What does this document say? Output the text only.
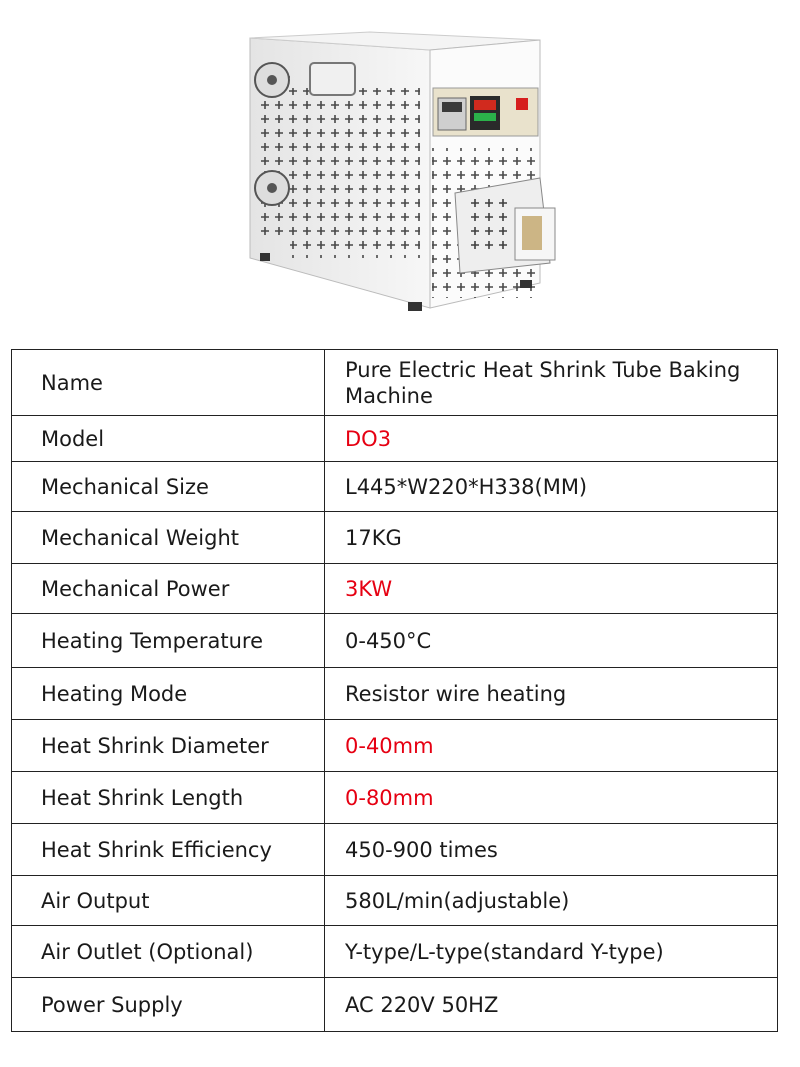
Name	Pure Electric Heat Shrink Tube Baking Machine
Model	DO3
Mechanical Size	L445*W220*H338(MM)
Mechanical Weight	17KG
Mechanical Power	3KW
Heating Temperature	0-450°C
Heating Mode	Resistor wire heating
Heat Shrink Diameter	0-40mm
Heat Shrink Length	0-80mm
Heat Shrink Efficiency	450-900 times
Air Output	580L/min(adjustable)
Air Outlet (Optional)	Y-type/L-type(standard Y-type)
Power Supply	AC 220V 50HZ
